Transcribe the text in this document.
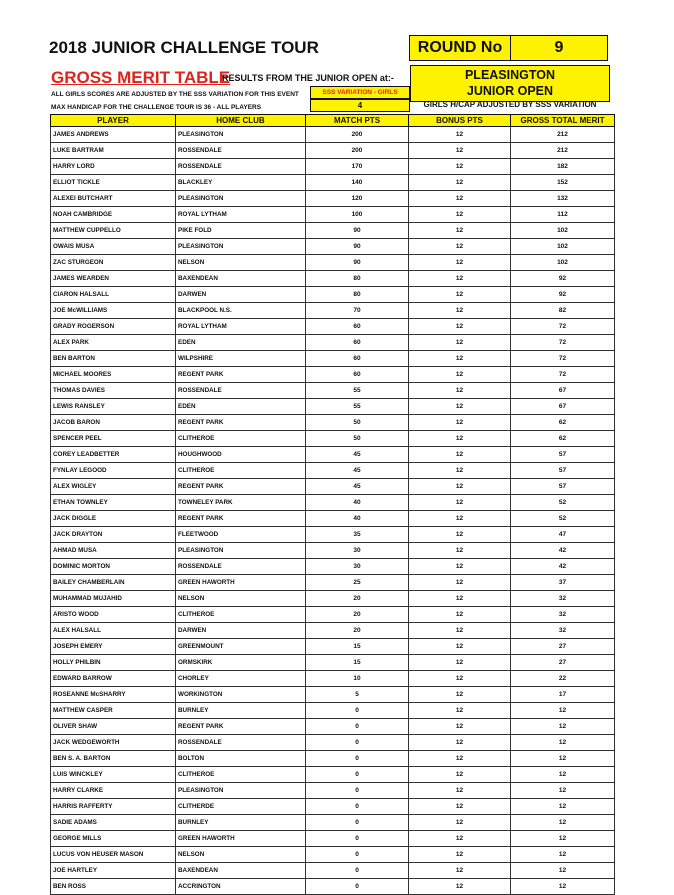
2018 JUNIOR CHALLENGE TOUR	ROUND No	9
GROSS MERIT TABLE
RESULTS FROM THE JUNIOR OPEN at:-	PLEASINGTON
JUNIOR OPEN
ALL GIRLS SCORES ARE ADJUSTED BY THE SSS VARIATION FOR THIS EVENT	SSS VARIATION - GIRLS
MAX HANDICAP FOR THE CHALLENGE TOUR IS 36 - ALL PLAYERS	4	GIRLS H/CAP ADJUSTED BY SSS VARIATION
PLAYER	HOME CLUB	MATCH PTS	BONUS PTS	GROSS TOTAL MERIT
JAMES ANDREWS	PLEASINGTON	200	12	212
LUKE BARTRAM	ROSSENDALE	200	12	212
HARRY LORD	ROSSENDALE	170	12	182
ELLIOT TICKLE	BLACKLEY	140	12	152
ALEXEI BUTCHART	PLEASINGTON	120	12	132
NOAH CAMBRIDGE	ROYAL LYTHAM	100	12	112
MATTHEW CUPPELLO	PIKE FOLD	90	12	102
OWAIS MUSA	PLEASINGTON	90	12	102
ZAC STURGEON	NELSON	90	12	102
JAMES WEARDEN	BAXENDEAN	80	12	92
CIARON HALSALL	DARWEN	80	12	92
JOE McWILLIAMS	BLACKPOOL N.S.	70	12	82
GRADY ROGERSON	ROYAL LYTHAM	60	12	72
ALEX PARK	EDEN	60	12	72
BEN BARTON	WILPSHIRE	60	12	72
MICHAEL MOORES	REGENT PARK	60	12	72
THOMAS DAVIES	ROSSENDALE	55	12	67
LEWIS RANSLEY	EDEN	55	12	67
JACOB BARON	REGENT PARK	50	12	62
SPENCER PEEL	CLITHEROE	50	12	62
COREY LEADBETTER	HOUGHWOOD	45	12	57
FYNLAY LEGOOD	CLITHEROE	45	12	57
ALEX WIGLEY	REGENT PARK	45	12	57
ETHAN TOWNLEY	TOWNELEY PARK	40	12	52
JACK DIGGLE	REGENT PARK	40	12	52
JACK DRAYTON	FLEETWOOD	35	12	47
AHMAD MUSA	PLEASINGTON	30	12	42
DOMINIC MORTON	ROSSENDALE	30	12	42
BAILEY CHAMBERLAIN	GREEN HAWORTH	25	12	37
MUHAMMAD MUJAHID	NELSON	20	12	32
ARISTO WOOD	CLITHEROE	20	12	32
ALEX HALSALL	DARWEN	20	12	32
JOSEPH EMERY	GREENMOUNT	15	12	27
HOLLY PHILBIN	ORMSKIRK	15	12	27
EDWARD BARROW	CHORLEY	10	12	22
ROSEANNE McSHARRY	WORKINGTON	5	12	17
MATTHEW CASPER	BURNLEY	0	12	12
OLIVER SHAW	REGENT PARK	0	12	12
JACK WEDGEWORTH	ROSSENDALE	0	12	12
BEN S. A. BARTON	BOLTON	0	12	12
LUIS WINCKLEY	CLITHEROE	0	12	12
HARRY CLARKE	PLEASINGTON	0	12	12
HARRIS RAFFERTY	CLITHERDE	0	12	12
SADIE ADAMS	BURNLEY	0	12	12
GEORGE MILLS	GREEN HAWORTH	0	12	12
LUCUS VON HEUSER MASON	NELSON	0	12	12
JOE HARTLEY	BAXENDEAN	0	12	12
BEN ROSS	ACCRINGTON	0	12	12
